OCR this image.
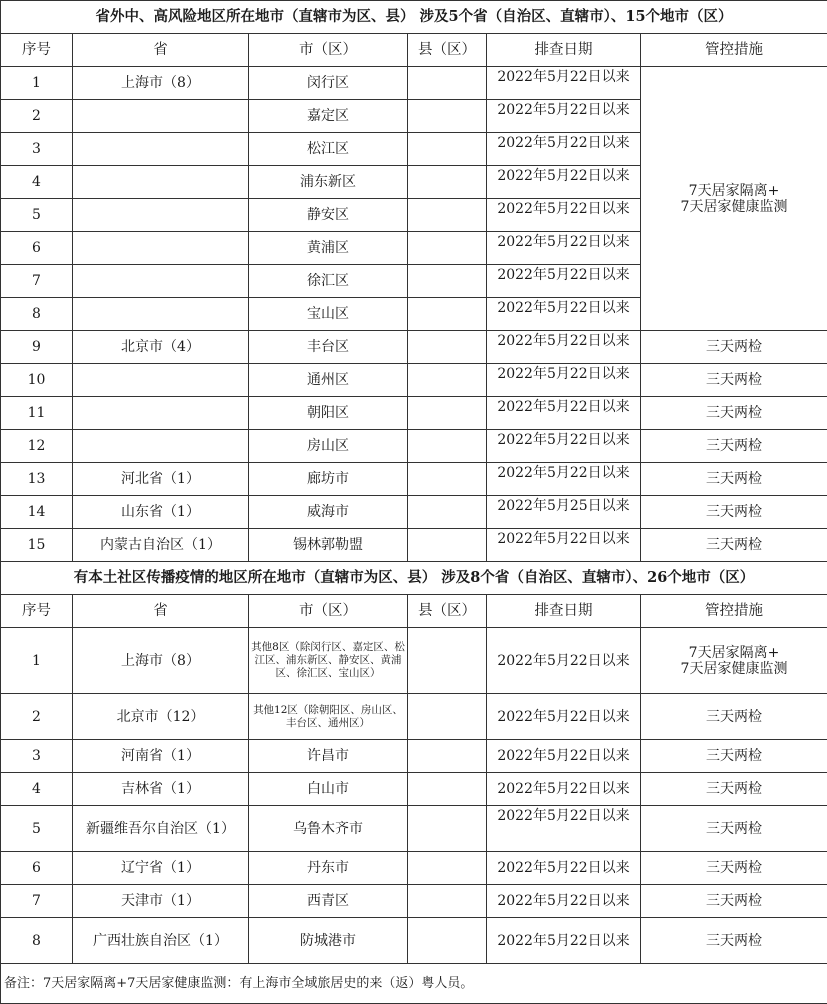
省外中、高风险地区所在地市（直辖市为区、县） 涉及5个省（自治区、直辖市）、15个地市（区）					
序号	省	市（区）	县（区）	排查日期	管控措施
1	上海市（8）	闵行区		2022年5月22日以来	7天居家隔离+
7天居家健康监测

2		嘉定区		2022年5月22日以来	
3		松江区		2022年5月22日以来	
4		浦东新区		2022年5月22日以来	
5		静安区		2022年5月22日以来	
6		黄浦区		2022年5月22日以来	
7		徐汇区		2022年5月22日以来	
8		宝山区		2022年5月22日以来	
9	北京市（4）	丰台区		2022年5月22日以来	三天两检
10		通州区		2022年5月22日以来	三天两检
11		朝阳区		2022年5月22日以来	三天两检
12		房山区		2022年5月22日以来	三天两检
13	河北省（1）	廊坊市		2022年5月22日以来	三天两检
14	山东省（1）	威海市		2022年5月25日以来	三天两检
15	内蒙古自治区（1）	锡林郭勒盟		2022年5月22日以来	三天两检
有本土社区传播疫情的地区所在地市（直辖市为区、县） 涉及8个省（自治区、直辖市）、26个地市（区）					
序号	省	市（区）	县（区）	排查日期	管控措施
1	上海市（8）	其他8区（除闵行区、嘉定区、松江区、浦东新区、静安区、黄浦区、徐汇区、宝山区）		2022年5月22日以来	7天居家隔离+
7天居家健康监测

2	北京市（12）	其他12区（除朝阳区、房山区、丰台区、通州区）		2022年5月22日以来	三天两检

3	河南省（1）	许昌市		2022年5月22日以来	三天两检

4	吉林省（1）	白山市		2022年5月22日以来	三天两检

5	新疆维吾尔自治区（1）	乌鲁木齐市		2022年5月22日以来	三天两检

6	辽宁省（1）	丹东市		2022年5月22日以来	三天两检

7	天津市（1）	西青区		2022年5月22日以来	三天两检

8	广西壮族自治区（1）	防城港市		2022年5月22日以来	三天两检

备注：7天居家隔离+7天居家健康监测：有上海市全域旅居史的来（返）粤人员。					
